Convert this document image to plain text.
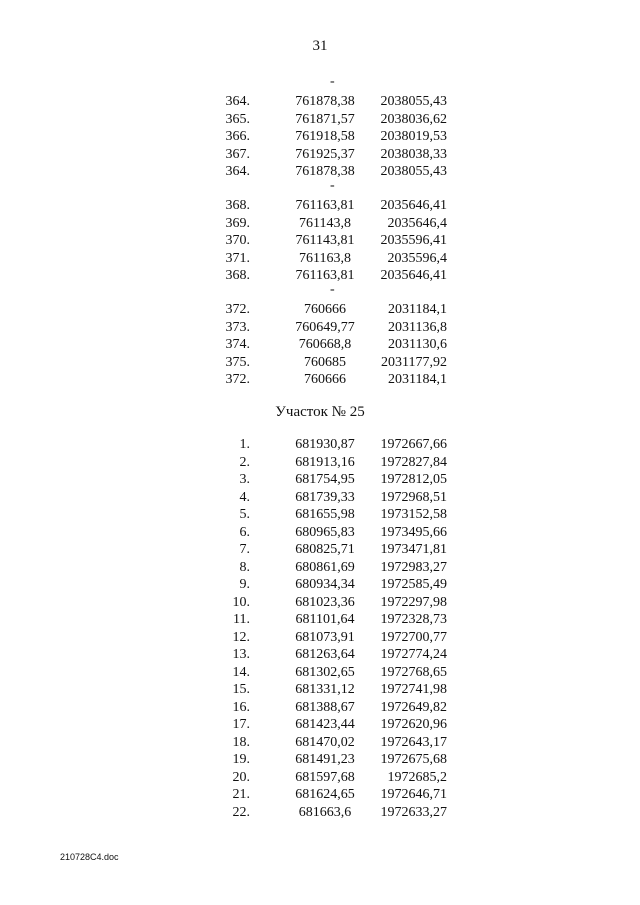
31
-
364.	761878,38 2038055,43
365.	761871,57 2038036,62
366.	761918,58 2038019,53
367.	761925,37 2038038,33
364.	761878,38 2038055,43
-
368.	761163,81 2035646,41
369.	761143,8	2035646,4
370.	761143,81 2035596,41
371.	761163,8	2035596,4
368.	761163,81 2035646,41
-
372.	760666	2031184,1
373.	760649,77 2031136,8
374.	760668,8	2031130,6
375.	760685	2031177,92
372.	760666	2031184,1
Участок № 25
1.	681930,87 1972667,66
2.	681913,16 1972827,84
3.	681754,95 1972812,05
4.	681739,33 1972968,51
5.	681655,98 1973152,58
6.	680965,83 1973495,66
7.	680825,71 1973471,81
8.	680861,69 1972983,27
9.	680934,34 1972585,49
10.	681023,36 1972297,98
11.	681101,64 1972328,73
12.	681073,91 1972700,77
13.	681263,64 1972774,24
14.	681302,65 1972768,65
15.	681331,12 1972741,98
16.	681388,67 1972649,82
17.	681423,44 1972620,96
18.	681470,02 1972643,17
19.	681491,23 1972675,68
20.	681597,68 1972685,2
21.	681624,65 1972646,71
22.	681663,6 1972633,27
210728C4.doc
